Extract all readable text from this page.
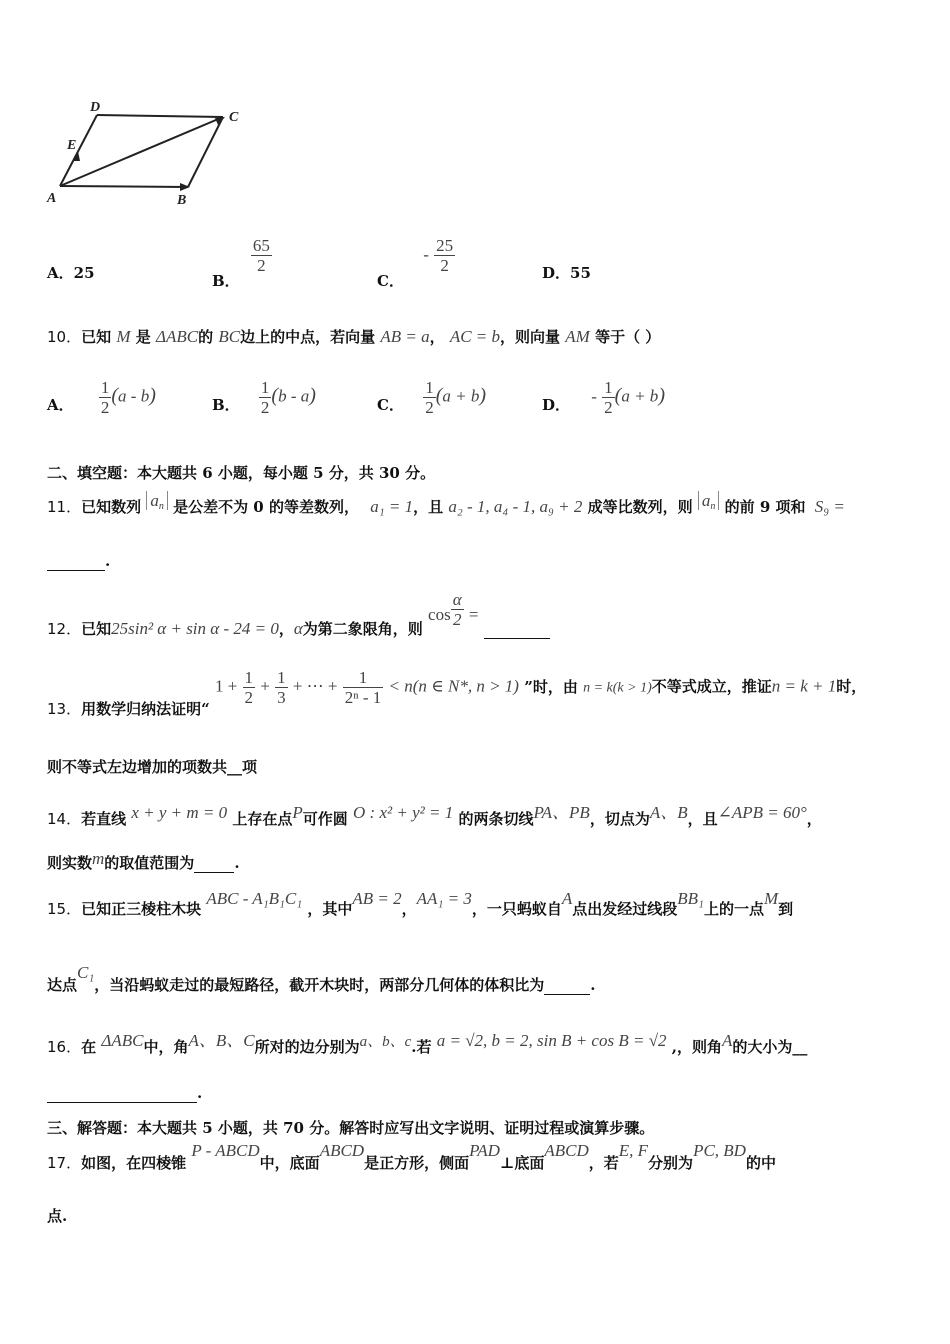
D
C
E
A	B
A．25	B．
$\frac{65}{2}$
C． - $\frac{25}{2}$	D．55
10．已知 M 是 ΔABC的 BC边上的中点，若向量 AB = a， AC = b，则向量 AM 等于（ ）
A． $\frac{1}{2} (a - b)$	B． $\frac{1}{2} (b - a)$	C． $\frac{1}{2} (a + b)$	D． - $\frac{1}{2} (a + b)$
二、填空题：本大题共 6 小题，每小题 5 分，共 30 分。
11．已知数列 $a_n$ 是公差不为 0 的等差数列， a₁ = 1，且 a₂ - 1, a₄ - 1, a₉ + 2 成等比数列，则 $a_n$ 的前 9 项和 S₉ =
.
12．已知25sin² α + sin α - 24 = 0，α为第二象限角，则 $\cos \frac{\alpha}{2}$ =
13．用数学归纳法证明“ $1 + \frac{1}{2} + \frac{1}{3}$ + ⋯ + $\frac{1}{\text{2ⁿ - 1}} < n(n$ ∈ N*, n > 1) ”时，由 n = k(k > 1)不等式成立，推证n = k + 1时，
则不等式左边增加的项数共__项
14．若直线 x + y + m = 0 上存在点P可作圆 O : x² + y² = 1 的两条切线PA、PB，切点为A、B，且∠APB = 60°，
则实数m的取值范围为	.
15．已知正三棱柱木块 ABC - A₁B₁C₁ ，其中AB = 2，AA₁ = 3，一只蚂蚁自A点出发经过线段BB₁上的一点M到
达点C₁，当沿蚂蚁走过的最短路径，截开木块时，两部分几何体的体积比为	.
16．在 ΔABC中，角A、B、C所对的边分别为a、b、c.若 a = √2, b = 2, sin B + cos B = √2 ,，则角A的大小为__
.
三、解答题：本大题共 5 小题，共 70 分。解答时应写出文字说明、证明过程或演算步骤。
17．如图，在四棱锥 P - ABCD中，底面ABCD是正方形，侧面PAD⊥底面ABCD，若E, F分别为PC, BD的中
点.
